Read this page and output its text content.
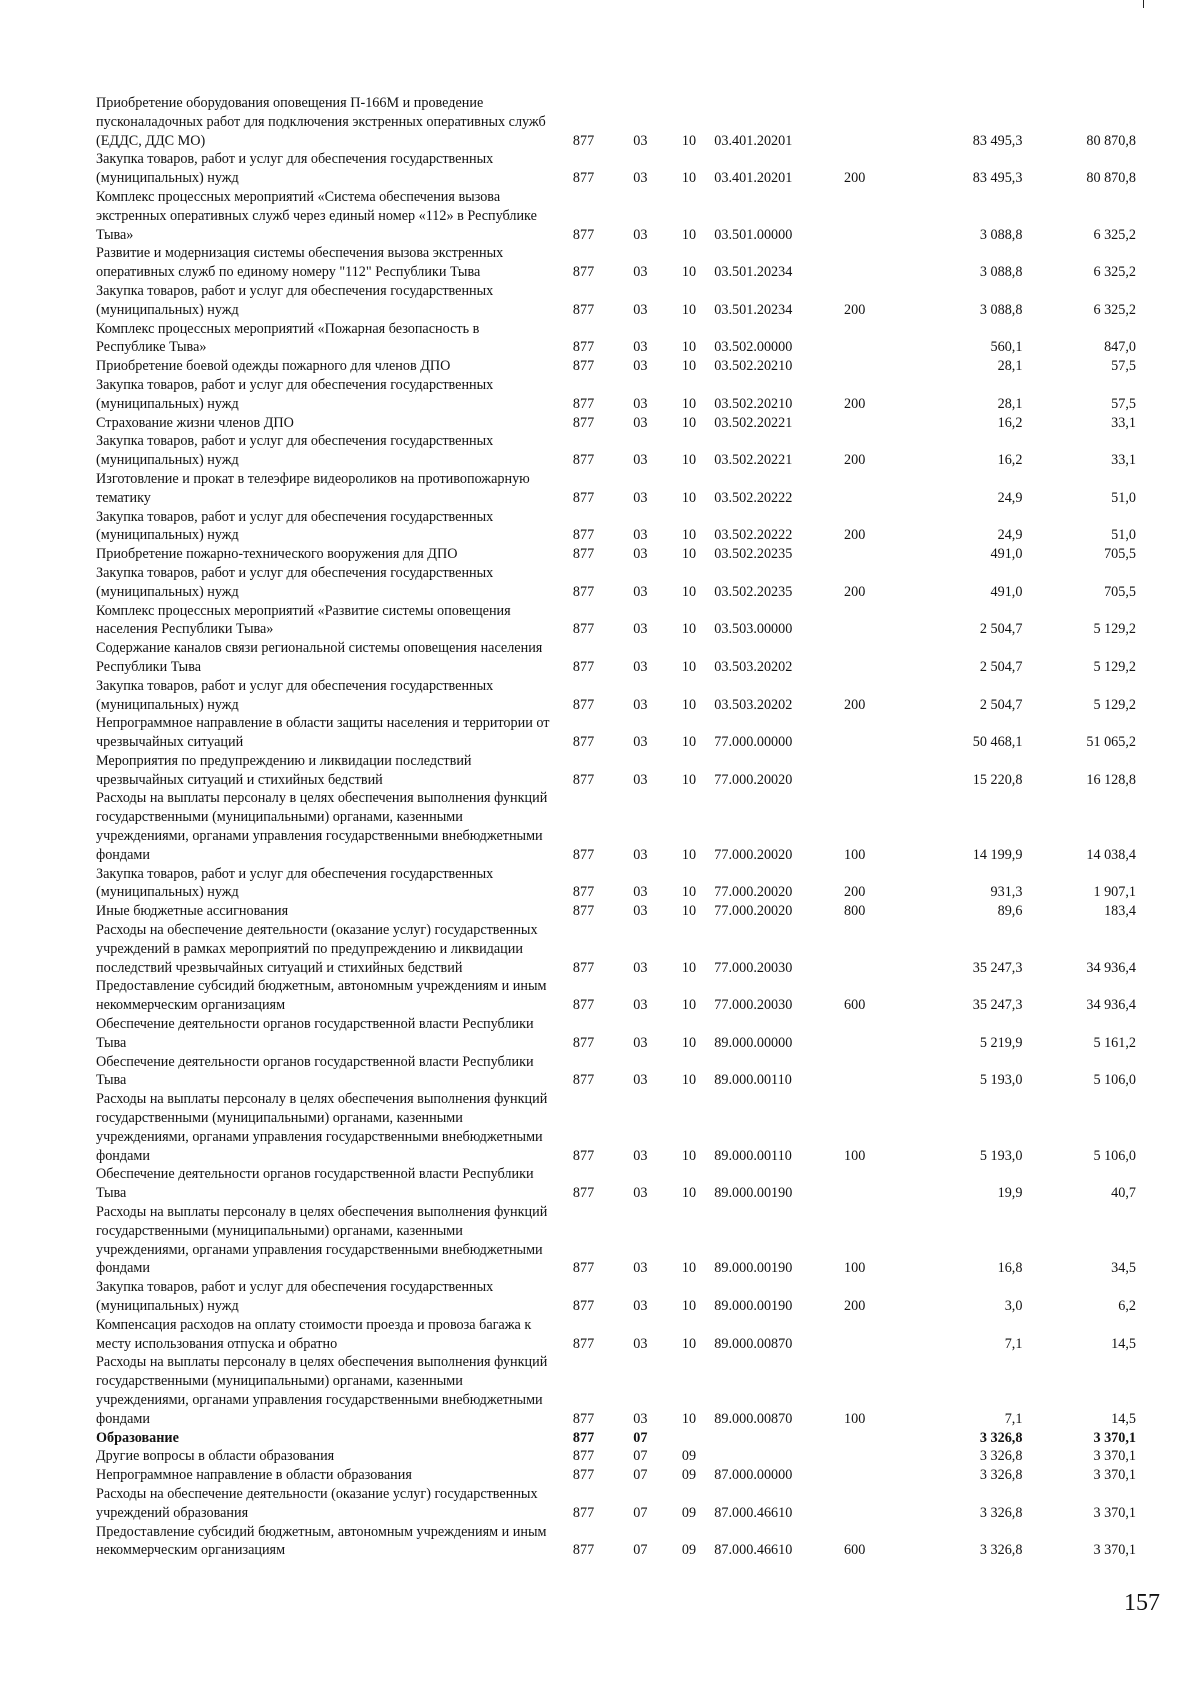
Приобретение оборудования оповещения П-166М и проведение пусконаладочных работ для подключения экстренных оперативных служб (ЕДДС, ДДС МО)	877	03	10	03.401.20201		83 495,3	80 870,8
Закупка товаров, работ и услуг для обеспечения государственных (муниципальных) нужд	877	03	10	03.401.20201	200	83 495,3	80 870,8
Комплекс процессных мероприятий «Система обеспечения вызова экстренных оперативных служб через единый номер «112» в Республике Тыва»	877	03	10	03.501.00000		3 088,8	6 325,2
Развитие и модернизация системы обеспечения вызова экстренных оперативных служб по единому номеру "112" Республики Тыва	877	03	10	03.501.20234		3 088,8	6 325,2
Закупка товаров, работ и услуг для обеспечения государственных (муниципальных) нужд	877	03	10	03.501.20234	200	3 088,8	6 325,2
Комплекс процессных мероприятий «Пожарная безопасность в Республике Тыва»	877	03	10	03.502.00000		560,1	847,0
Приобретение боевой одежды пожарного для членов ДПО	877	03	10	03.502.20210		28,1	57,5
Закупка товаров, работ и услуг для обеспечения государственных (муниципальных) нужд	877	03	10	03.502.20210	200	28,1	57,5
Страхование жизни членов ДПО	877	03	10	03.502.20221		16,2	33,1
Закупка товаров, работ и услуг для обеспечения государственных (муниципальных) нужд	877	03	10	03.502.20221	200	16,2	33,1
Изготовление и прокат в телеэфире видеороликов на противопожарную тематику	877	03	10	03.502.20222		24,9	51,0
Закупка товаров, работ и услуг для обеспечения государственных (муниципальных) нужд	877	03	10	03.502.20222	200	24,9	51,0
Приобретение пожарно-технического вооружения для ДПО	877	03	10	03.502.20235		491,0	705,5
Закупка товаров, работ и услуг для обеспечения государственных (муниципальных) нужд	877	03	10	03.502.20235	200	491,0	705,5
Комплекс процессных мероприятий «Развитие системы оповещения населения Республики Тыва»	877	03	10	03.503.00000		2 504,7	5 129,2
Содержание каналов связи региональной системы оповещения населения Республики Тыва	877	03	10	03.503.20202		2 504,7	5 129,2
Закупка товаров, работ и услуг для обеспечения государственных (муниципальных) нужд	877	03	10	03.503.20202	200	2 504,7	5 129,2
Непрограммное направление в области защиты населения и территории от чрезвычайных ситуаций	877	03	10	77.000.00000		50 468,1	51 065,2
Мероприятия по предупреждению и ликвидации последствий чрезвычайных ситуаций и стихийных бедствий	877	03	10	77.000.20020		15 220,8	16 128,8
Расходы на выплаты персоналу в целях обеспечения выполнения функций государственными (муниципальными) органами, казенными учреждениями, органами управления государственными внебюджетными фондами	877	03	10	77.000.20020	100	14 199,9	14 038,4
Закупка товаров, работ и услуг для обеспечения государственных (муниципальных) нужд	877	03	10	77.000.20020	200	931,3	1 907,1
Иные бюджетные ассигнования	877	03	10	77.000.20020	800	89,6	183,4
Расходы на обеспечение деятельности (оказание услуг) государственных учреждений в рамках мероприятий по предупреждению и ликвидации последствий чрезвычайных ситуаций и стихийных бедствий	877	03	10	77.000.20030		35 247,3	34 936,4
Предоставление субсидий бюджетным, автономным учреждениям и иным некоммерческим организациям	877	03	10	77.000.20030	600	35 247,3	34 936,4
Обеспечение деятельности органов государственной власти Республики Тыва	877	03	10	89.000.00000		5 219,9	5 161,2
Обеспечение деятельности органов государственной власти Республики Тыва	877	03	10	89.000.00110		5 193,0	5 106,0
Расходы на выплаты персоналу в целях обеспечения выполнения функций государственными (муниципальными) органами, казенными учреждениями, органами управления государственными внебюджетными фондами	877	03	10	89.000.00110	100	5 193,0	5 106,0
Обеспечение деятельности органов государственной власти Республики Тыва	877	03	10	89.000.00190		19,9	40,7
Расходы на выплаты персоналу в целях обеспечения выполнения функций государственными (муниципальными) органами, казенными учреждениями, органами управления государственными внебюджетными фондами	877	03	10	89.000.00190	100	16,8	34,5
Закупка товаров, работ и услуг для обеспечения государственных (муниципальных) нужд	877	03	10	89.000.00190	200	3,0	6,2
Компенсация расходов на оплату стоимости проезда и провоза багажа к месту использования отпуска и обратно	877	03	10	89.000.00870		7,1	14,5
Расходы на выплаты персоналу в целях обеспечения выполнения функций государственными (муниципальными) органами, казенными учреждениями, органами управления государственными внебюджетными фондами	877	03	10	89.000.00870	100	7,1	14,5
Образование	877	07				3 326,8	3 370,1
Другие вопросы в области образования	877	07	09			3 326,8	3 370,1
Непрограммное направление в области образования	877	07	09	87.000.00000		3 326,8	3 370,1
Расходы на обеспечение деятельности (оказание услуг) государственных учреждений образования	877	07	09	87.000.46610		3 326,8	3 370,1
Предоставление субсидий бюджетным, автономным учреждениям и иным некоммерческим организациям	877	07	09	87.000.46610	600	3 326,8	3 370,1
157
